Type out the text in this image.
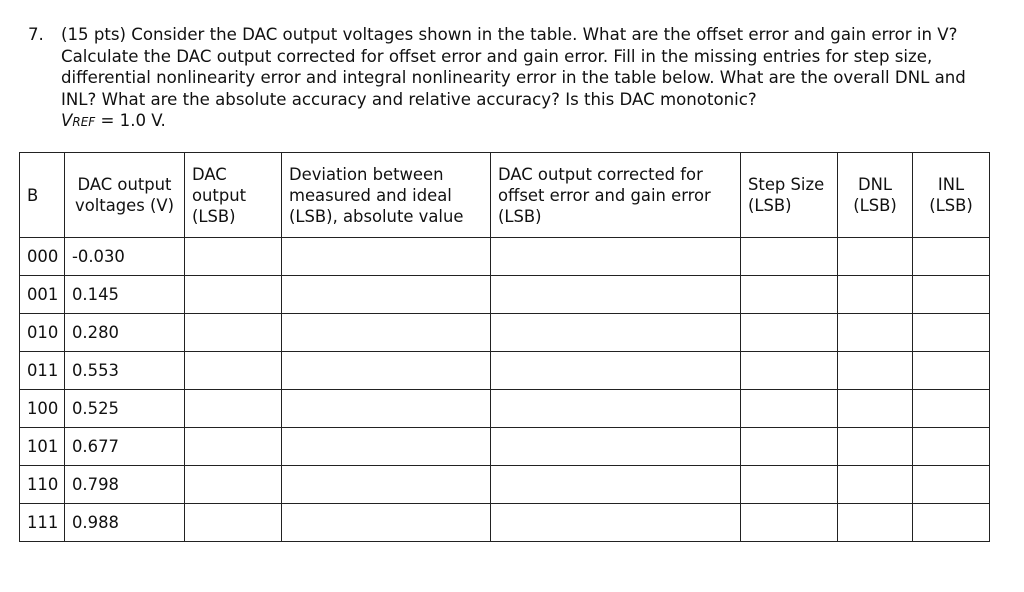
7. (15 pts) Consider the DAC output voltages shown in the table. What are the offset error and gain error in V? Calculate the DAC output corrected for offset error and gain error. Fill in the missing entries for step size, differential nonlinearity error and integral nonlinearity error in the table below. What are the overall DNL and INL? What are the absolute accuracy and relative accuracy? Is this DAC monotonic?
VREF = 1.0 V.
B	DAC output voltages (V)	DAC output (LSB)	Deviation between measured and ideal (LSB), absolute value	DAC output corrected for offset error and gain error (LSB)	Step Size (LSB)	DNL (LSB)	INL (LSB)
000	-0.030						
001	0.145						
010	0.280						
011	0.553						
100	0.525						
101	0.677						
110	0.798						
111	0.988						
